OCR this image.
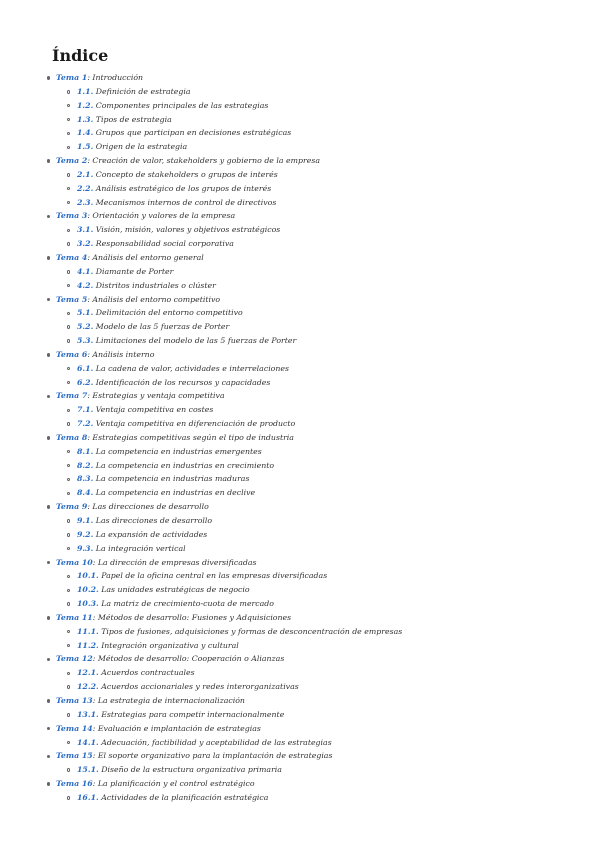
Índice
Tema 1: Introducción
1.1. Definición de estrategia
1.2. Componentes principales de las estrategias
1.3. Tipos de estrategia
1.4. Grupos que participan en decisiones estratégicas
1.5. Origen de la estrategia
Tema 2: Creación de valor, stakeholders y gobierno de la empresa
2.1. Concepto de stakeholders o grupos de interés
2.2. Análisis estratégico de los grupos de interés
2.3. Mecanismos internos de control de directivos
Tema 3: Orientación y valores de la empresa
3.1. Visión, misión, valores y objetivos estratégicos
3.2. Responsabilidad social corporativa
Tema 4: Análisis del entorno general
4.1. Diamante de Porter
4.2. Distritos industriales o clúster
Tema 5: Análisis del entorno competitivo
5.1. Delimitación del entorno competitivo
5.2. Modelo de las 5 fuerzas de Porter
5.3. Limitaciones del modelo de las 5 fuerzas de Porter
Tema 6: Análisis interno
6.1. La cadena de valor, actividades e interrelaciones
6.2. Identificación de los recursos y capacidades
Tema 7: Estrategias y ventaja competitiva
7.1. Ventaja competitiva en costes
7.2. Ventaja competitiva en diferenciación de producto
Tema 8: Estrategias competitivas según el tipo de industria
8.1. La competencia en industrias emergentes
8.2. La competencia en industrias en crecimiento
8.3. La competencia en industrias maduras
8.4. La competencia en industrias en declive
Tema 9: Las direcciones de desarrollo
9.1. Las direcciones de desarrollo
9.2. La expansión de actividades
9.3. La integración vertical
Tema 10: La dirección de empresas diversificadas
10.1. Papel de la oficina central en las empresas diversificadas
10.2. Las unidades estratégicas de negocio
10.3. La matriz de crecimiento-cuota de mercado
Tema 11: Métodos de desarrollo: Fusiones y Adquisiciones
11.1. Tipos de fusiones, adquisiciones y formas de desconcentración de empresas
11.2. Integración organizativa y cultural
Tema 12: Métodos de desarrollo: Cooperación o Alianzas
12.1. Acuerdos contractuales
12.2. Acuerdos accionariales y redes interorganizativas
Tema 13: La estrategia de internacionalización
13.1. Estrategias para competir internacionalmente
Tema 14: Evaluación e implantación de estrategias
14.1. Adecuación, factibilidad y aceptabilidad de las estrategias
Tema 15: El soporte organizativo para la implantación de estrategias
15.1. Diseño de la estructura organizativa primaria
Tema 16: La planificación y el control estratégico
16.1. Actividades de la planificación estratégica
